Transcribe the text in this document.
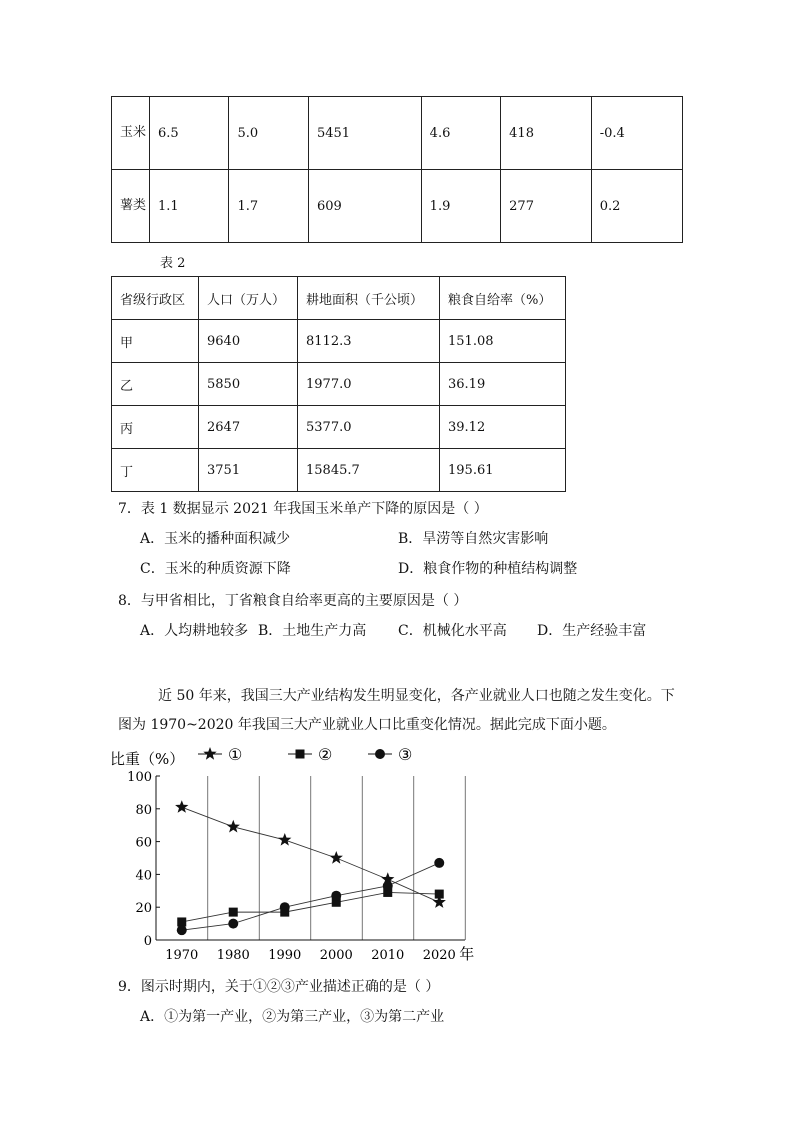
玉米	6.5	5.0	5451	4.6	418	-0.4
薯类	1.1	1.7	609	1.9	277	0.2
表 2
省级行政区	人口（万人）	耕地面积（千公顷）	粮食自给率（%）
甲	9640	8112.3	151.08
乙	5850	1977.0	36.19
丙	2647	5377.0	39.12
丁	3751	15845.7	195.61
7．表 1 数据显示 2021 年我国玉米单产下降的原因是（ ）
A．玉米的播种面积减少	B．旱涝等自然灾害影响
C．玉米的种质资源下降	D．粮食作物的种植结构调整
8．与甲省相比，丁省粮食自给率更高的主要原因是（ ）
A．人均耕地较多 B．土地生产力高 C．机械化水平高 D．生产经验丰富
近 50 年来，我国三大产业结构发生明显变化，各产业就业人口也随之发生变化。下
图为 1970~2020 年我国三大产业就业人口比重变化情况。据此完成下面小题。
0
20
40
60
80
100
1970 1980 1990 2000 2010 2020 年
比重（%）	①	②	③
9．图示时期内，关于①②③产业描述正确的是（ ）
A．①为第一产业，②为第三产业，③为第二产业
